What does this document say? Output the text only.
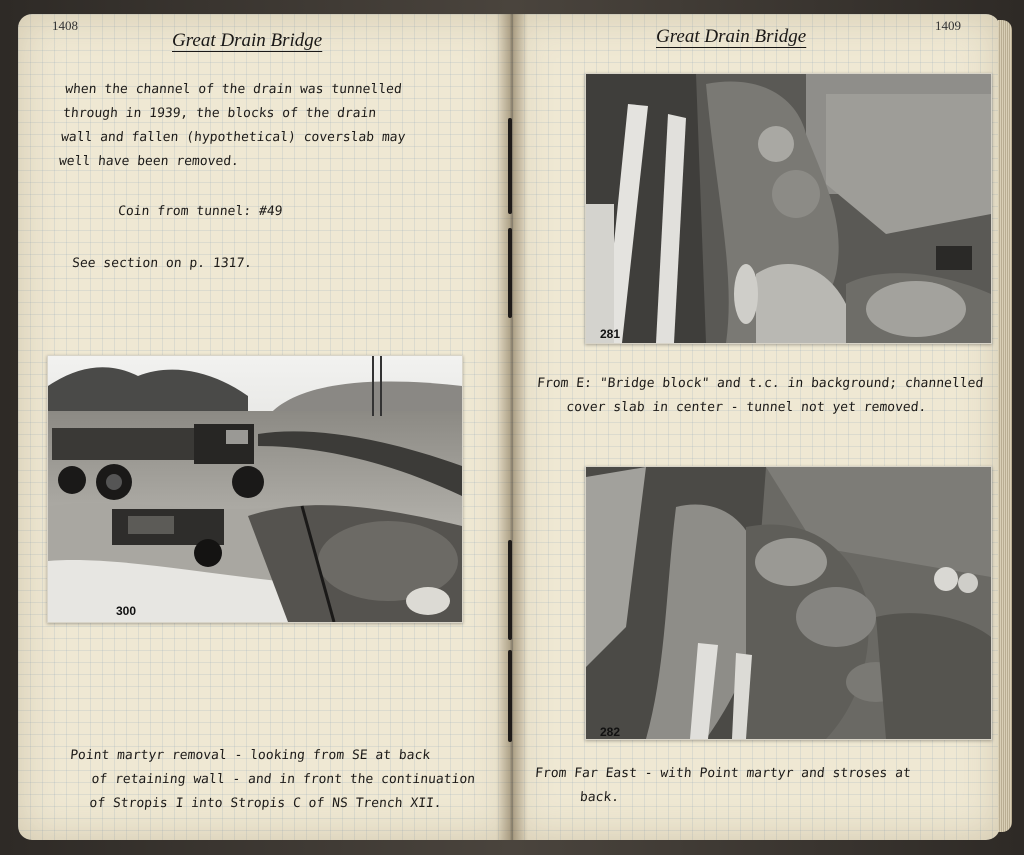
1408
Great Drain Bridge
when the channel of the drain was tunnelled
through in 1939, the blocks of the drain
wall and fallen (hypothetical) coverslab may
well have been removed.
Coin from tunnel: #49
See section on p. 1317.
300
Point martyr removal - looking from SE at back
of retaining wall - and in front the continuation
of Stropis I into Stropis C of NS Trench XII.
1409
Great Drain Bridge
281
From E: "Bridge block" and t.c. in background; channelled
cover slab in center - tunnel not yet removed.
282
From Far East - with Point martyr and stroses at
back.
